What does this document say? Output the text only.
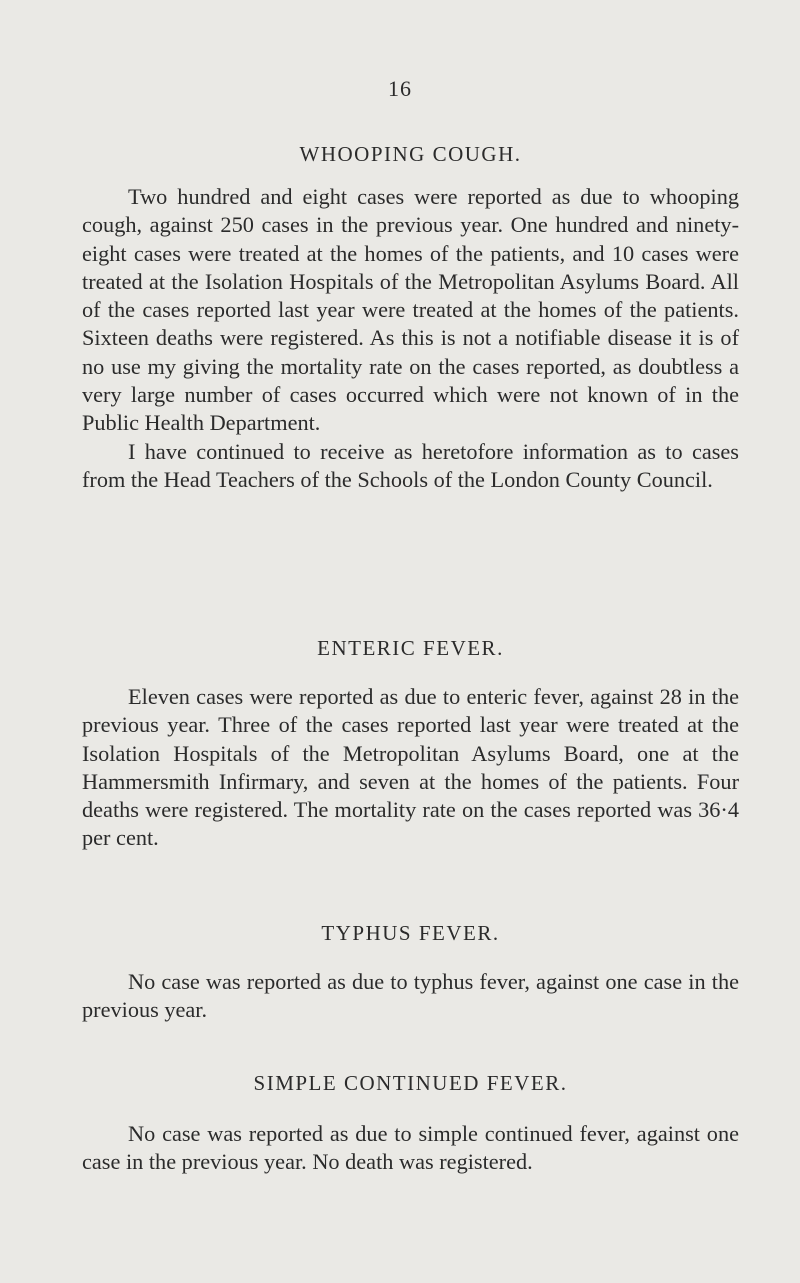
16
WHOOPING COUGH.

Two hundred and eight cases were reported as due to whooping cough, against 250 cases in the previous year. One hundred and ninety-eight cases were treated at the homes of the patients, and 10 cases were treated at the Isolation Hospitals of the Metropolitan Asylums Board. All of the cases reported last year were treated at the homes of the patients. Sixteen deaths were registered. As this is not a notifiable disease it is of no use my giving the mortality rate on the cases reported, as doubtless a very large number of cases occurred which were not known of in the Public Health Department.

I have continued to receive as heretofore information as to cases from the Head Teachers of the Schools of the London County Council.

ENTERIC FEVER.

Eleven cases were reported as due to enteric fever, against 28 in the previous year. Three of the cases reported last year were treated at the Isolation Hospitals of the Metropolitan Asylums Board, one at the Hammersmith Infirmary, and seven at the homes of the patients. Four deaths were registered. The mortality rate on the cases reported was 36·4 per cent.

TYPHUS FEVER.

No case was reported as due to typhus fever, against one case in the previous year.

SIMPLE CONTINUED FEVER.

No case was reported as due to simple continued fever, against one case in the previous year. No death was registered.
